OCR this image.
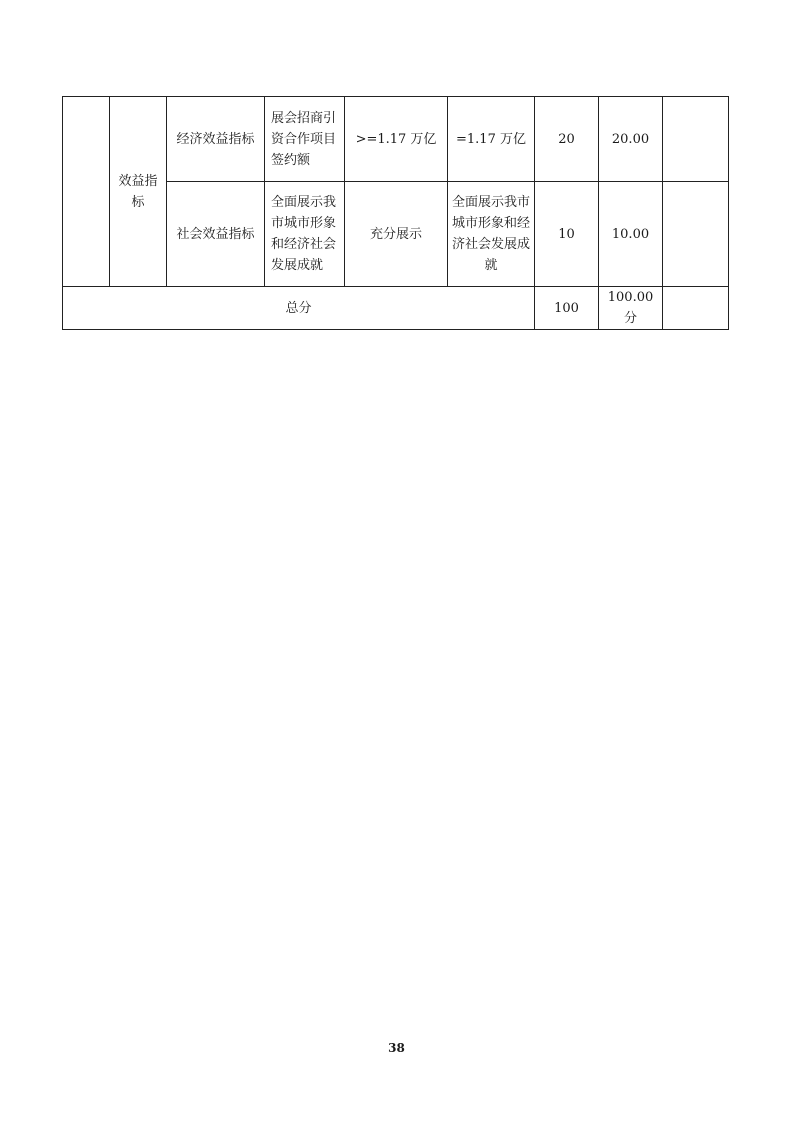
	效益指标	经济效益指标	展会招商引资合作项目签约额	>=1.17 万亿	=1.17 万亿	20	20.00	
		社会效益指标	全面展示我市城市形象和经济社会发展成就	充分展示	全面展示我市城市形象和经济社会发展成就	10	10.00	
总分						100	100.00 分	
38
